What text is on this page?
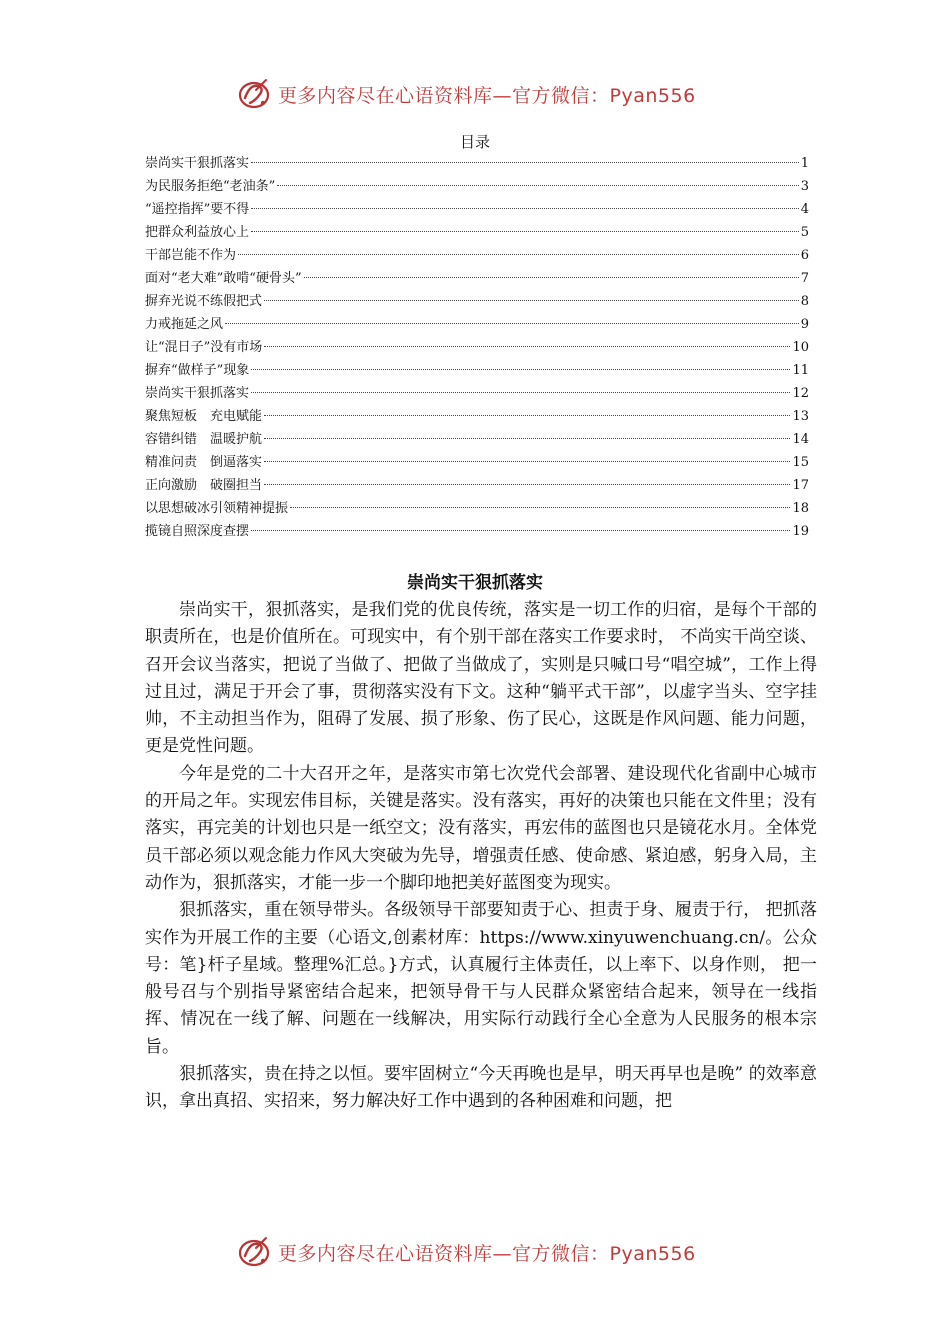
更多内容尽在心语资料库—官方微信：Pyan556
目录
崇尚实干狠抓落实	1
为民服务拒绝“老油条”	3
“遥控指挥”要不得	4
把群众利益放心上	5
干部岂能不作为	6
面对“老大难”敢啃“硬骨头”	7
摒弃光说不练假把式	8
力戒拖延之风	9
让“混日子”没有市场	10
摒弃“做样子”现象	11
崇尚实干狠抓落实	12
聚焦短板　充电赋能	13
容错纠错　温暖护航	14
精准问责　倒逼落实	15
正向激励　破圈担当	17
以思想破冰引领精神提振	18
揽镜自照深度查摆	19
崇尚实干狠抓落实

崇尚实干，狠抓落实，是我们党的优良传统，落实是一切工作的归宿，是每个干部的职责所在，也是价值所在。可现实中，有个别干部在落实工作要求时， 不尚实干尚空谈、召开会议当落实，把说了当做了、把做了当做成了，实则是只喊口号“唱空城”，工作上得过且过，满足于开会了事，贯彻落实没有下文。这种“躺平式干部”，以虚字当头、空字挂帅，不主动担当作为，阻碍了发展、损了形象、伤了民心，这既是作风问题、能力问题，更是党性问题。

今年是党的二十大召开之年，是落实市第七次党代会部署、建设现代化省副中心城市的开局之年。实现宏伟目标，关键是落实。没有落实，再好的决策也只能在文件里；没有落实，再完美的计划也只是一纸空文；没有落实，再宏伟的蓝图也只是镜花水月。全体党员干部必须以观念能力作风大突破为先导，增强责任感、使命感、紧迫感，躬身入局，主动作为，狠抓落实，才能一步一个脚印地把美好蓝图变为现实。

狠抓落实，重在领导带头。各级领导干部要知责于心、担责于身、履责于行， 把抓落实作为开展工作的主要（心语文,创素材库：https://www.xinyuwenchuang.cn/。公众号：笔}杆子星域。整理%汇总。}方式，认真履行主体责任，以上率下、以身作则， 把一般号召与个别指导紧密结合起来，把领导骨干与人民群众紧密结合起来，领导在一线指挥、情况在一线了解、问题在一线解决，用实际行动践行全心全意为人民服务的根本宗旨。

狠抓落实，贵在持之以恒。要牢固树立“今天再晚也是早，明天再早也是晚” 的效率意识，拿出真招、实招来，努力解决好工作中遇到的各种困难和问题，把

更多内容尽在心语资料库—官方微信：Pyan556
